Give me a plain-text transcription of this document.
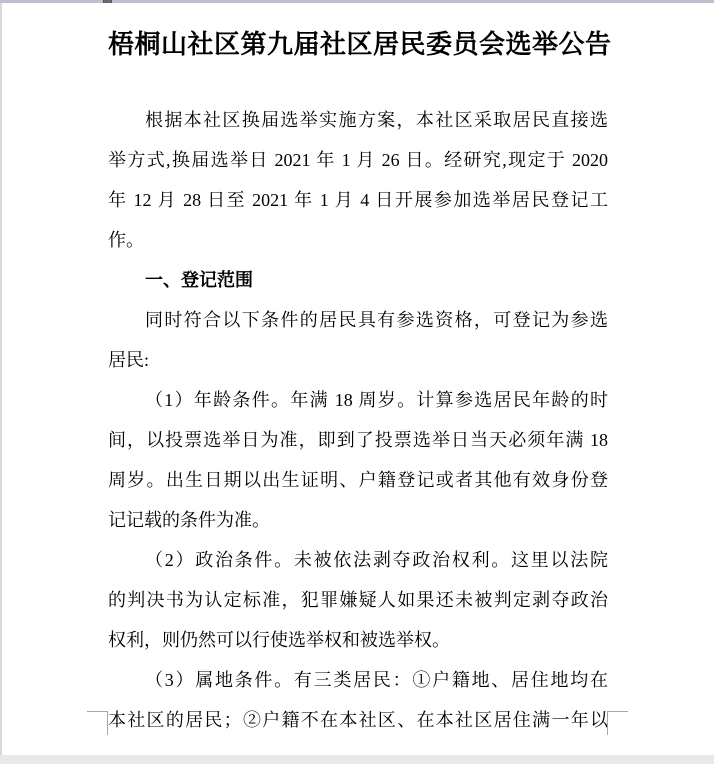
梧桐山社区第九届社区居民委员会选举公告
根据本社区换届选举实施方案，本社区采取居民直接选
举方式,换届选举日 2021 年 1 月 26 日。经研究,现定于 2020
年 12 月 28 日至 2021 年 1 月 4 日开展参加选举居民登记工
作。
一、登记范围
同时符合以下条件的居民具有参选资格，可登记为参选
居民:
（1）年龄条件。年满 18 周岁。计算参选居民年龄的时
间，以投票选举日为准，即到了投票选举日当天必须年满 18
周岁。出生日期以出生证明、户籍登记或者其他有效身份登
记记载的条件为准。
（2）政治条件。未被依法剥夺政治权利。这里以法院
的判决书为认定标准，犯罪嫌疑人如果还未被判定剥夺政治
权利，则仍然可以行使选举权和被选举权。
（3）属地条件。有三类居民：①户籍地、居住地均在
本社区的居民；②户籍不在本社区、在本社区居住满一年以
